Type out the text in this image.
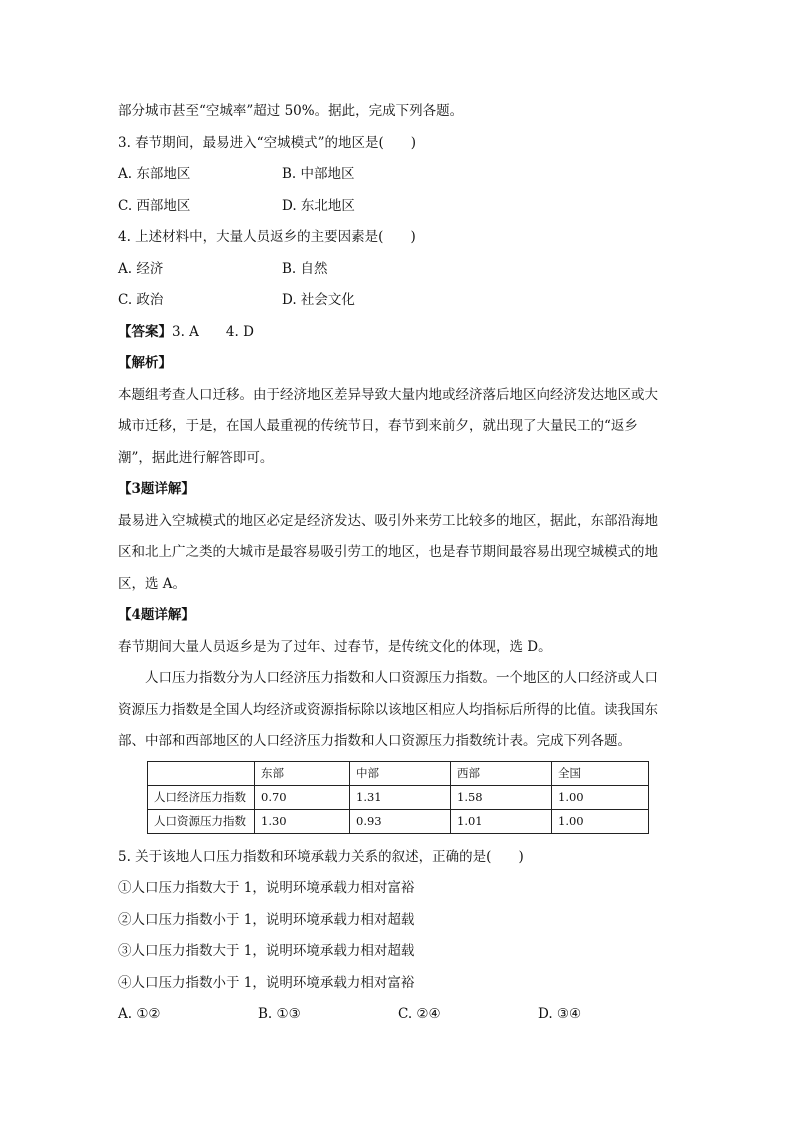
部分城市甚至“空城率”超过 50%。据此，完成下列各题。

3. 春节期间，最易进入“空城模式”的地区是(　　)

A. 东部地区	B. 中部地区
C. 西部地区	D. 东北地区

4. 上述材料中，大量人员返乡的主要因素是(　　)

A. 经济	B. 自然
C. 政治	D. 社会文化

【答案】3. A　　4. D

【解析】

本题组考查人口迁移。由于经济地区差异导致大量内地或经济落后地区向经济发达地区或大

城市迁移，于是，在国人最重视的传统节日，春节到来前夕，就出现了大量民工的“返乡

潮”，据此进行解答即可。

【3题详解】

最易进入空城模式的地区必定是经济发达、吸引外来劳工比较多的地区，据此，东部沿海地

区和北上广之类的大城市是最容易吸引劳工的地区，也是春节期间最容易出现空城模式的地

区，选 A。

【4题详解】

春节期间大量人员返乡是为了过年、过春节，是传统文化的体现，选 D。

人口压力指数分为人口经济压力指数和人口资源压力指数。一个地区的人口经济或人口

资源压力指数是全国人均经济或资源指标除以该地区相应人均指标后所得的比值。读我国东

部、中部和西部地区的人口经济压力指数和人口资源压力指数统计表。完成下列各题。

	东部	中部	西部	全国
人口经济压力指数	0.70	1.31	1.58	1.00
人口资源压力指数	1.30	0.93	1.01	1.00

5. 关于该地人口压力指数和环境承载力关系的叙述，正确的是(　　)

①人口压力指数大于 1，说明环境承载力相对富裕

②人口压力指数小于 1，说明环境承载力相对超载

③人口压力指数大于 1，说明环境承载力相对超载

④人口压力指数小于 1，说明环境承载力相对富裕

A. ①②	B. ①③	C. ②④	D. ③④
